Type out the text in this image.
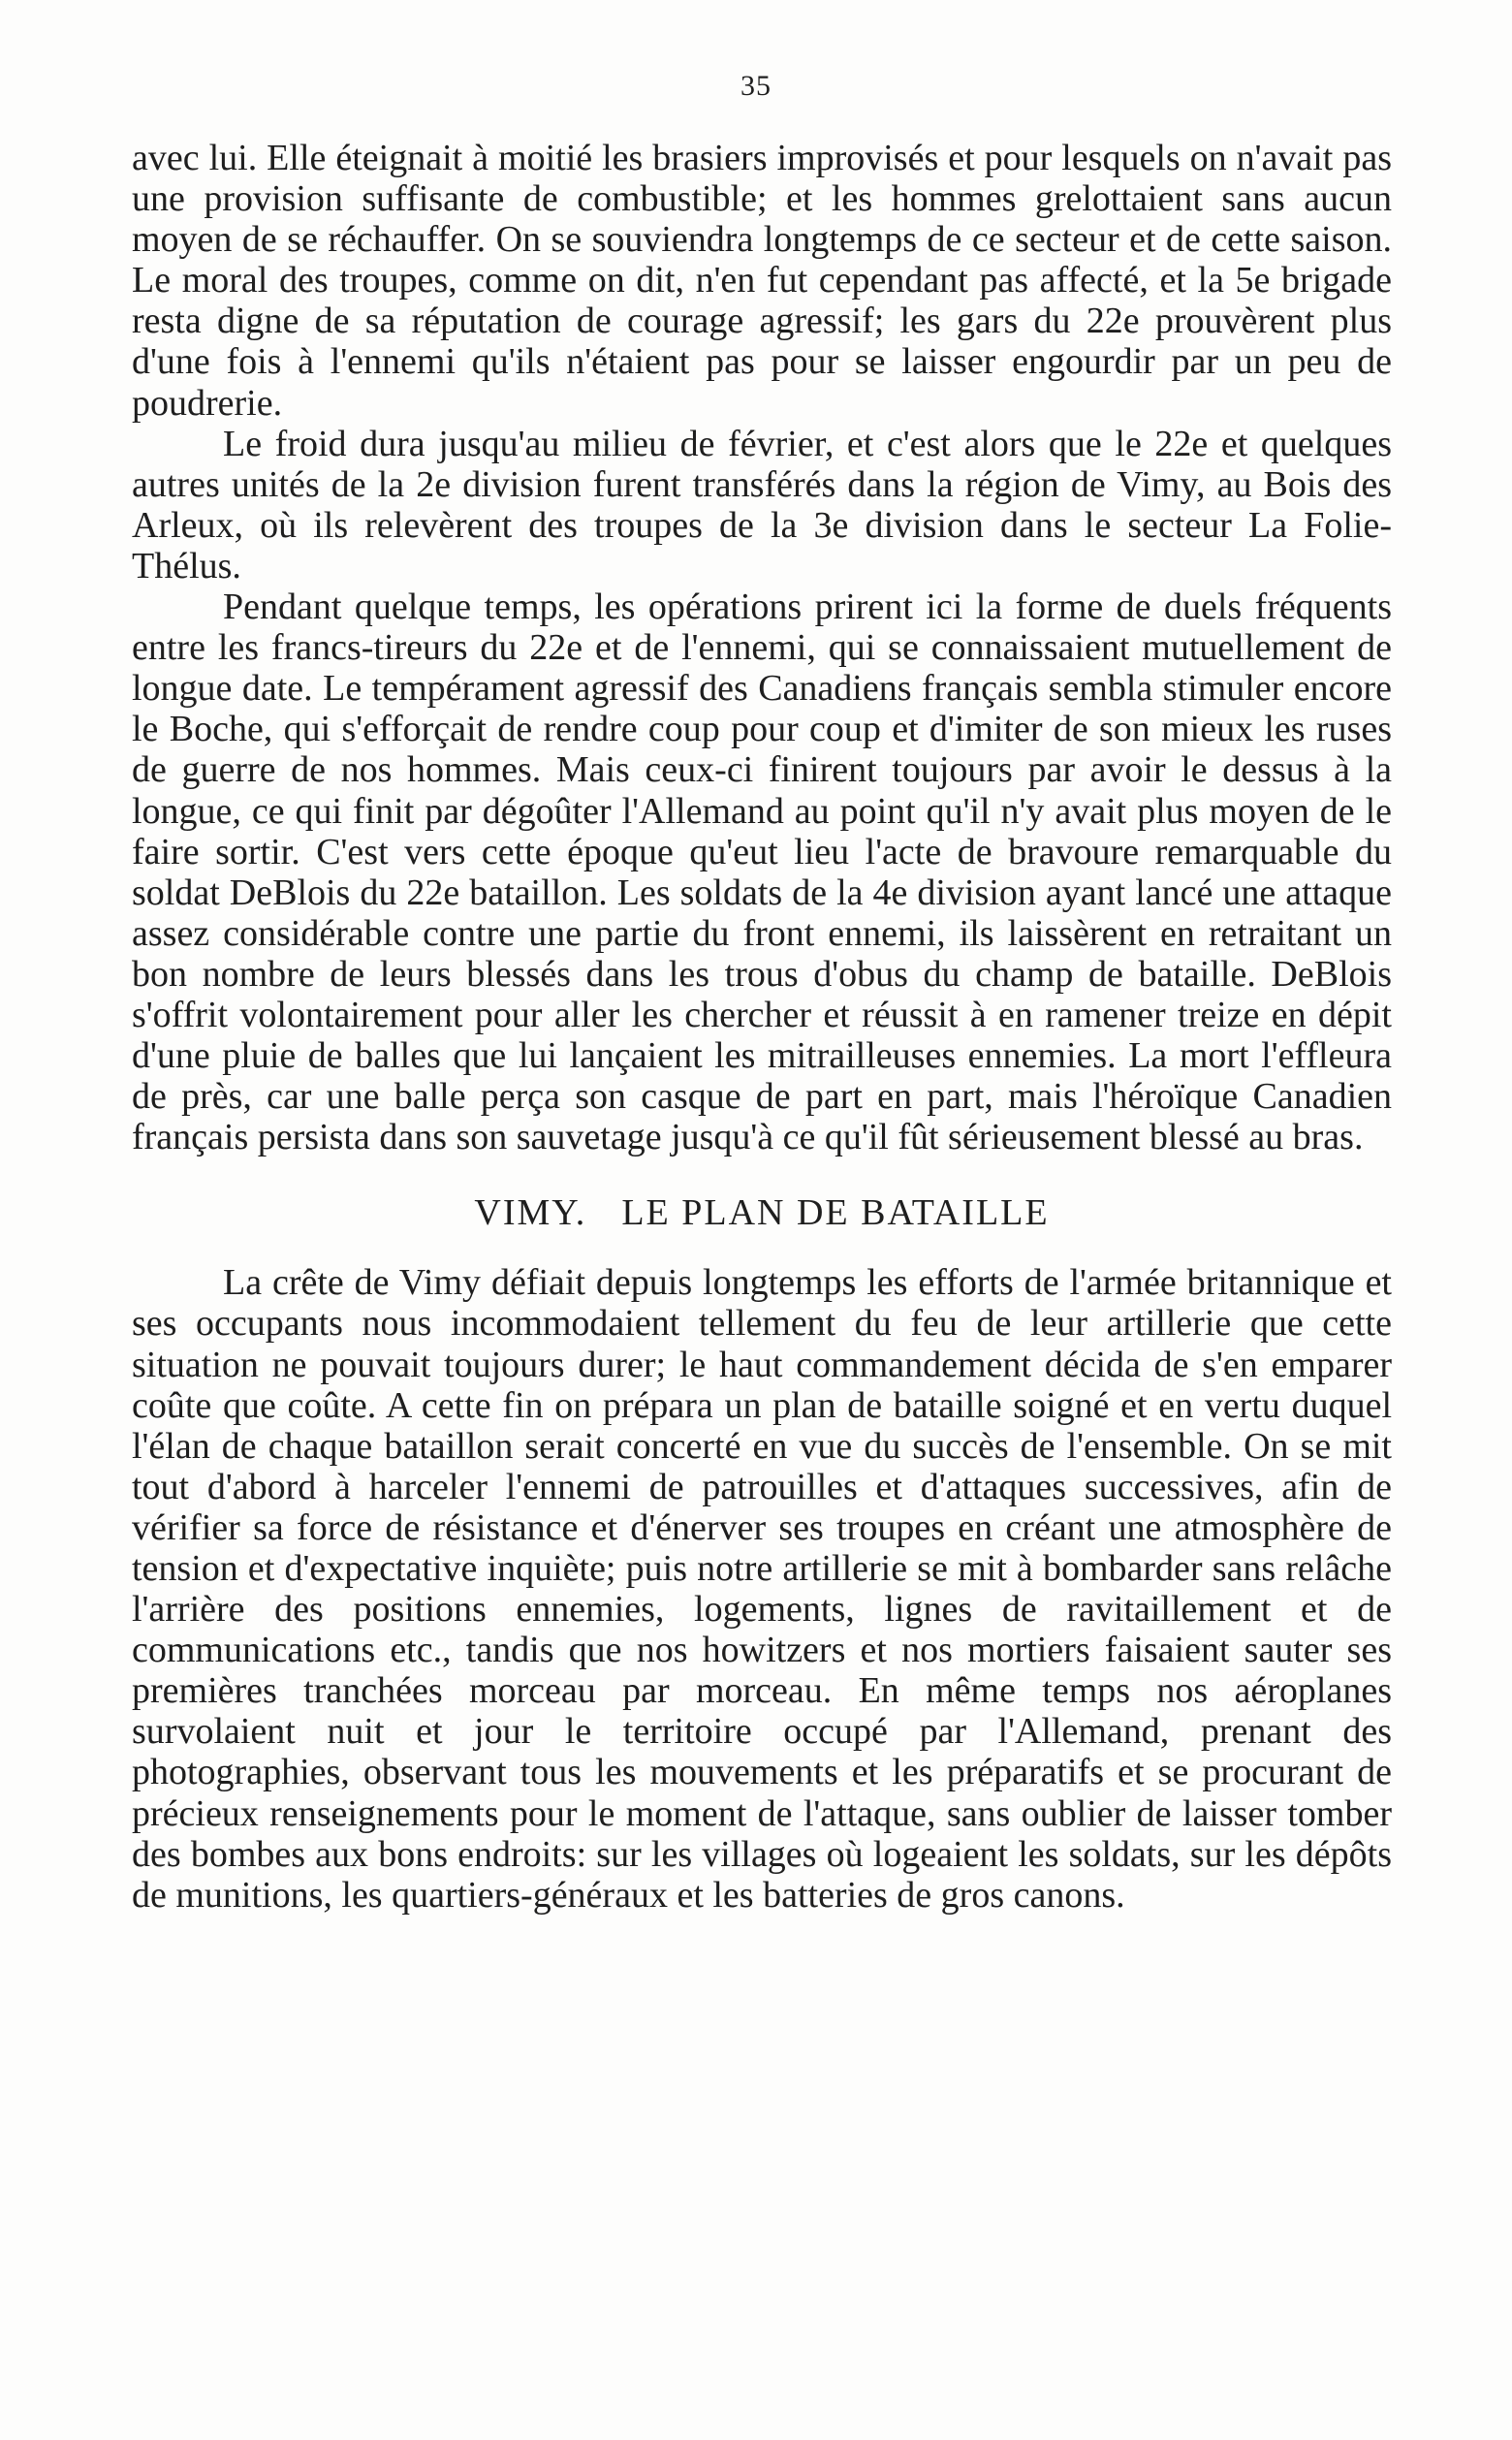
35

avec lui. Elle éteignait à moitié les brasiers improvisés et pour lesquels on n'avait pas une provision suffisante de combustible; et les hommes grelottaient sans aucun moyen de se réchauffer. On se souviendra longtemps de ce secteur et de cette saison. Le moral des troupes, comme on dit, n'en fut cependant pas affecté, et la 5e brigade resta digne de sa réputation de courage agressif; les gars du 22e prouvèrent plus d'une fois à l'ennemi qu'ils n'étaient pas pour se laisser engourdir par un peu de poudrerie.

Le froid dura jusqu'au milieu de février, et c'est alors que le 22e et quelques autres unités de la 2e division furent transférés dans la région de Vimy, au Bois des Arleux, où ils relevèrent des troupes de la 3e division dans le secteur La Folie-Thélus.

Pendant quelque temps, les opérations prirent ici la forme de duels fréquents entre les francs-tireurs du 22e et de l'ennemi, qui se connaissaient mutuellement de longue date. Le tempérament agressif des Canadiens français sembla stimuler encore le Boche, qui s'efforçait de rendre coup pour coup et d'imiter de son mieux les ruses de guerre de nos hommes. Mais ceux-ci finirent toujours par avoir le dessus à la longue, ce qui finit par dégoûter l'Allemand au point qu'il n'y avait plus moyen de le faire sortir. C'est vers cette époque qu'eut lieu l'acte de bravoure remarquable du soldat DeBlois du 22e bataillon. Les soldats de la 4e division ayant lancé une attaque assez considérable contre une partie du front ennemi, ils laissèrent en retraitant un bon nombre de leurs blessés dans les trous d'obus du champ de bataille. DeBlois s'offrit volontairement pour aller les chercher et réussit à en ramener treize en dépit d'une pluie de balles que lui lançaient les mitrailleuses ennemies. La mort l'effleura de près, car une balle perça son casque de part en part, mais l'héroïque Canadien français persista dans son sauvetage jusqu'à ce qu'il fût sérieusement blessé au bras.

VIMY. LE PLAN DE BATAILLE

La crête de Vimy défiait depuis longtemps les efforts de l'armée britannique et ses occupants nous incommodaient tellement du feu de leur artillerie que cette situation ne pouvait toujours durer; le haut commandement décida de s'en emparer coûte que coûte. A cette fin on prépara un plan de bataille soigné et en vertu duquel l'élan de chaque bataillon serait concerté en vue du succès de l'ensemble. On se mit tout d'abord à harceler l'ennemi de patrouilles et d'attaques successives, afin de vérifier sa force de résistance et d'énerver ses troupes en créant une atmosphère de tension et d'expectative inquiète; puis notre artillerie se mit à bombarder sans relâche l'arrière des positions ennemies, logements, lignes de ravitaillement et de communications etc., tandis que nos howitzers et nos mortiers faisaient sauter ses premières tranchées morceau par morceau. En même temps nos aéroplanes survolaient nuit et jour le territoire occupé par l'Allemand, prenant des photographies, observant tous les mouvements et les préparatifs et se procurant de précieux renseignements pour le moment de l'attaque, sans oublier de laisser tomber des bombes aux bons endroits: sur les villages où logeaient les soldats, sur les dépôts de munitions, les quartiers-généraux et les batteries de gros canons.
